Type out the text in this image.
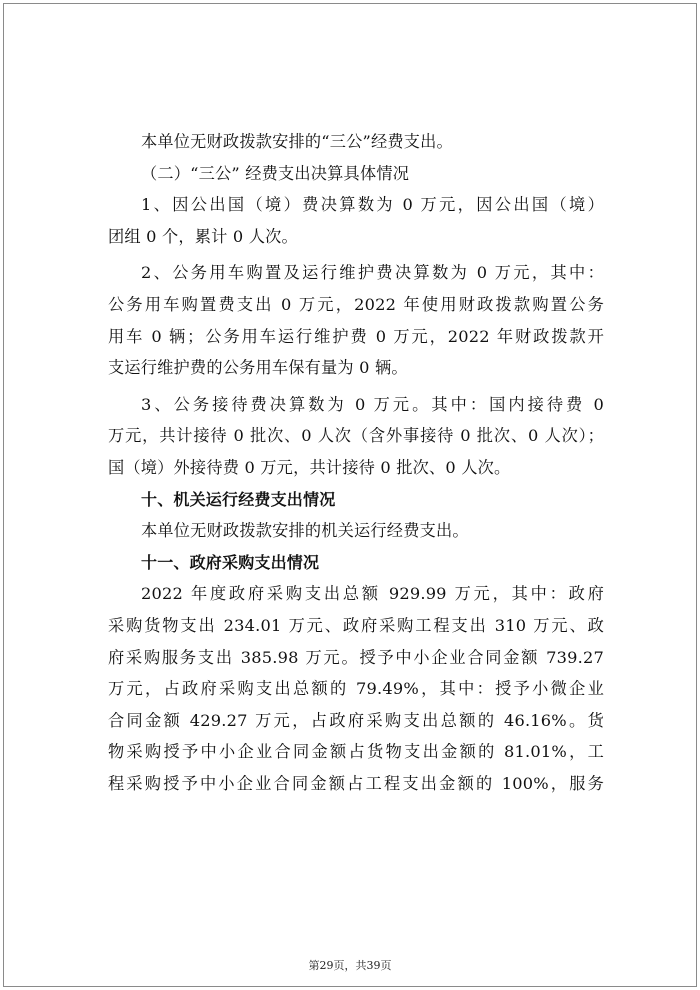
本单位无财政拨款安排的“三公”经费支出。
（二）“三公” 经费支出决算具体情况
1、因公出国（境）费决算数为 0 万元，因公出国（境）
团组 0 个，累计 0 人次。
2、公务用车购置及运行维护费决算数为 0 万元，其中：
公务用车购置费支出 0 万元，2022 年使用财政拨款购置公务
用车 0 辆；公务用车运行维护费 0 万元，2022 年财政拨款开
支运行维护费的公务用车保有量为 0 辆。
3、公务接待费决算数为 0 万元。其中：国内接待费 0
万元，共计接待 0 批次、0 人次（含外事接待 0 批次、0 人次）；
国（境）外接待费 0 万元，共计接待 0 批次、0 人次。
十、机关运行经费支出情况
本单位无财政拨款安排的机关运行经费支出。
十一、政府采购支出情况
2022 年度政府采购支出总额 929.99 万元，其中：政府
采购货物支出 234.01 万元、政府采购工程支出 310 万元、政
府采购服务支出 385.98 万元。授予中小企业合同金额 739.27
万元，占政府采购支出总额的 79.49%，其中：授予小微企业
合同金额 429.27 万元，占政府采购支出总额的 46.16%。货
物采购授予中小企业合同金额占货物支出金额的 81.01%，工
程采购授予中小企业合同金额占工程支出金额的 100%，服务
第29页，共39页
